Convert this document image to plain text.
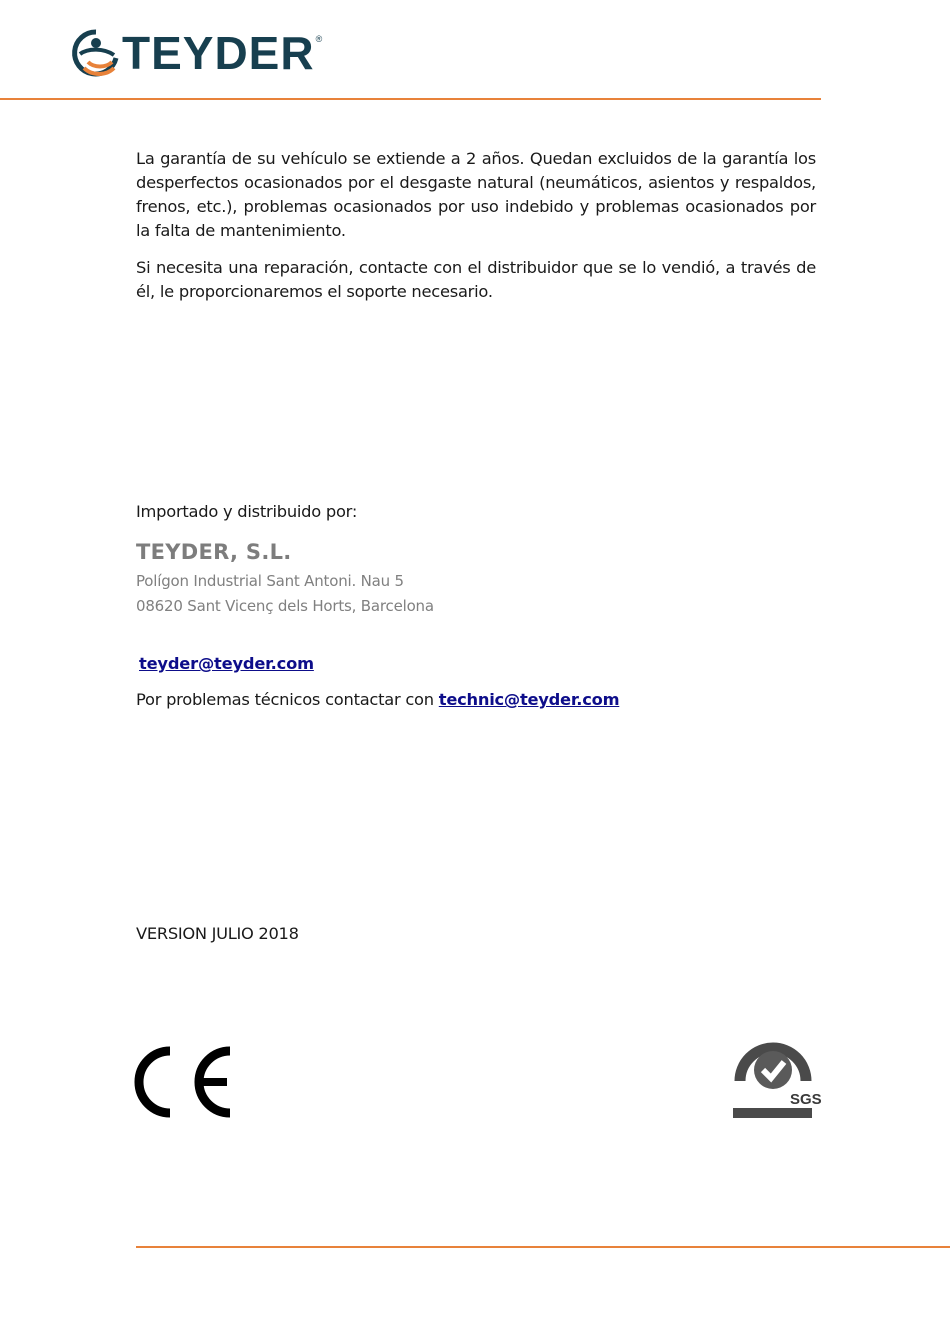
TEYDER ®

La garantía de su vehículo se extiende a 2 años. Quedan excluidos de la garantía los desperfectos ocasionados por el desgaste natural (neumáticos, asientos y respaldos, frenos, etc.), problemas ocasionados por uso indebido y problemas ocasionados por la falta de mantenimiento.

Si necesita una reparación, contacte con el distribuidor que se lo vendió, a través de él, le proporcionaremos el soporte necesario.

Importado y distribuido por:
TEYDER, S.L.
Polígon Industrial Sant Antoni. Nau 5
08620 Sant Vicenç dels Horts, Barcelona
teyder@teyder.com
Por problemas técnicos contactar con technic@teyder.com
VERSION JULIO 2018
SGS
